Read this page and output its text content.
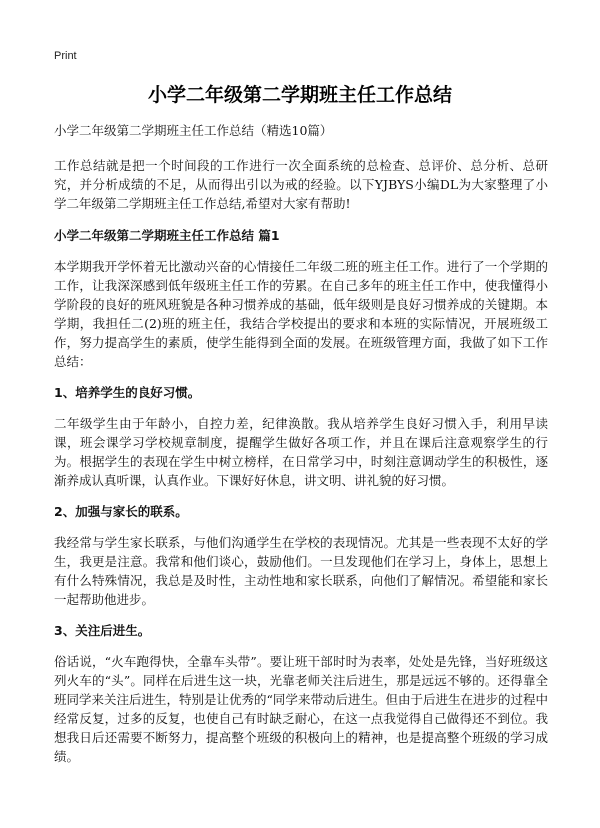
Print
小学二年级第二学期班主任工作总结

小学二年级第二学期班主任工作总结（精选10篇）

工作总结就是把一个时间段的工作进行一次全面系统的总检查、总评价、总分析、总研究，并分析成绩的不足，从而得出引以为戒的经验。以下YJBYS小编DL为大家整理了小学二年级第二学期班主任工作总结,希望对大家有帮助!

小学二年级第二学期班主任工作总结 篇1

本学期我开学怀着无比激动兴奋的心情接任二年级二班的班主任工作。进行了一个学期的工作，让我深深感到低年级班主任工作的劳累。在自己多年的班主任工作中，使我懂得小学阶段的良好的班风班貌是各种习惯养成的基础，低年级则是良好习惯养成的关键期。本学期，我担任二(2)班的班主任，我结合学校提出的要求和本班的实际情况，开展班级工作，努力提高学生的素质，使学生能得到全面的发展。在班级管理方面，我做了如下工作总结：

1、培养学生的良好习惯。

二年级学生由于年龄小，自控力差，纪律涣散。我从培养学生良好习惯入手，利用早读课，班会课学习学校规章制度，提醒学生做好各项工作，并且在课后注意观察学生的行为。根据学生的表现在学生中树立榜样，在日常学习中，时刻注意调动学生的积极性，逐渐养成认真听课，认真作业。下课好好休息，讲文明、讲礼貌的好习惯。

2、加强与家长的联系。

我经常与学生家长联系，与他们沟通学生在学校的表现情况。尤其是一些表现不太好的学生，我更是注意。我常和他们谈心，鼓励他们。一旦发现他们在学习上，身体上，思想上有什么特殊情况，我总是及时性，主动性地和家长联系，向他们了解情况。希望能和家长一起帮助他进步。

3、关注后进生。

俗话说，“火车跑得快，全靠车头带”。要让班干部时时为表率，处处是先锋，当好班级这列火车的“头”。同样在后进生这一块，光靠老师关注后进生，那是远远不够的。还得靠全班同学来关注后进生，特别是让优秀的“同学来带动后进生。但由于后进生在进步的过程中经常反复，过多的反复，也使自己有时缺乏耐心，在这一点我觉得自己做得还不到位。我想我日后还需要不断努力，提高整个班级的积极向上的精神，也是提高整个班级的学习成绩。
